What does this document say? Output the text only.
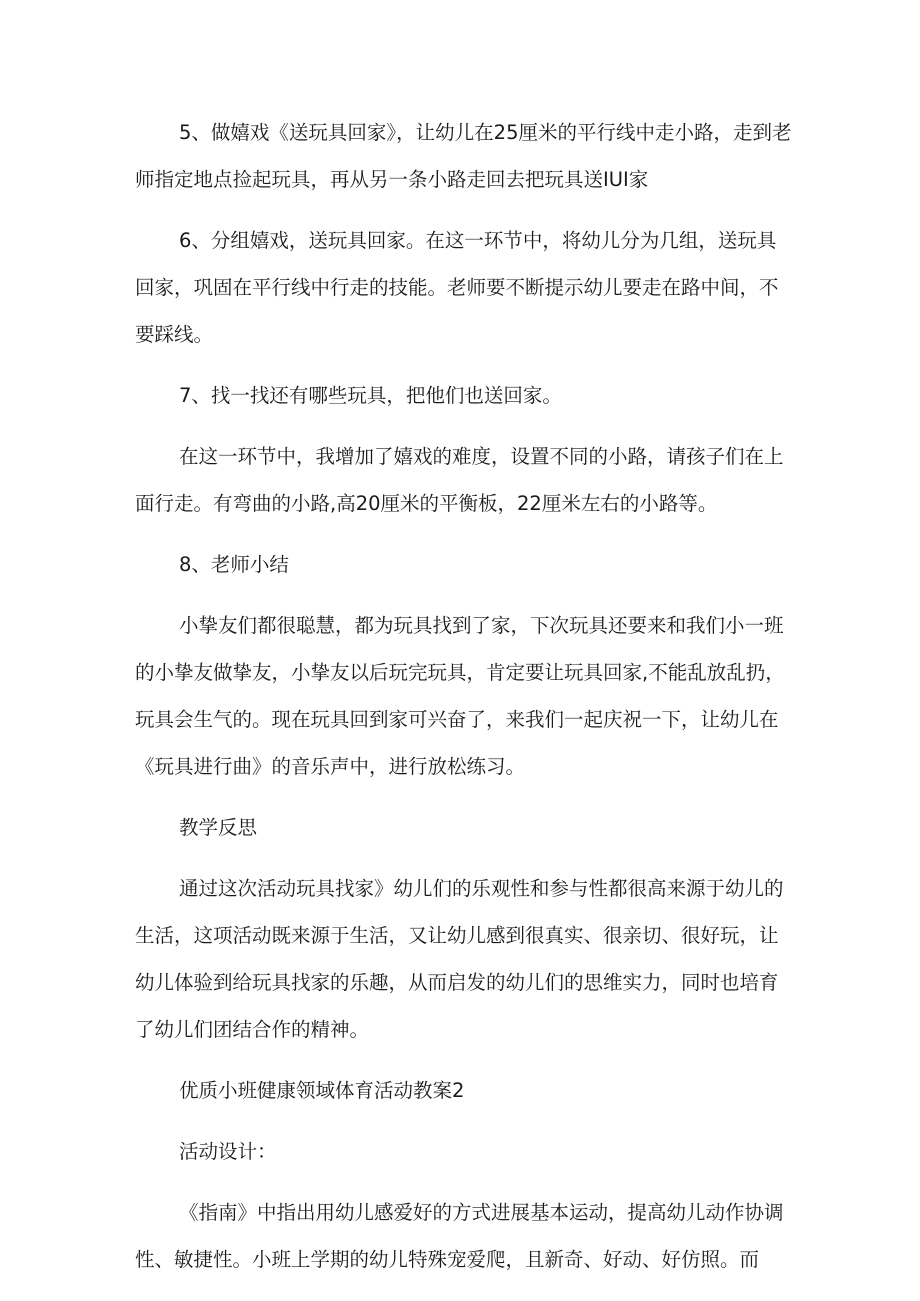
5、做嬉戏《送玩具回家》，让幼儿在25厘米的平行线中走小路，走到老师指定地点捡起玩具，再从另一条小路走回去把玩具送IUI家

6、分组嬉戏，送玩具回家。在这一环节中，将幼儿分为几组，送玩具回家，巩固在平行线中行走的技能。老师要不断提示幼儿要走在路中间，不要踩线。

7、找一找还有哪些玩具，把他们也送回家。

在这一环节中，我增加了嬉戏的难度，设置不同的小路，请孩子们在上面行走。有弯曲的小路,高20厘米的平衡板，22厘米左右的小路等。

8、老师小结

小挚友们都很聪慧，都为玩具找到了家，下次玩具还要来和我们小一班的小挚友做挚友，小挚友以后玩完玩具，肯定要让玩具回家,不能乱放乱扔，玩具会生气的。现在玩具回到家可兴奋了，来我们一起庆祝一下，让幼儿在《玩具进行曲》的音乐声中，进行放松练习。

教学反思

通过这次活动玩具找家》幼儿们的乐观性和参与性都很高来源于幼儿的生活，这项活动既来源于生活，又让幼儿感到很真实、很亲切、很好玩，让幼儿体验到给玩具找家的乐趣，从而启发的幼儿们的思维实力，同时也培育了幼儿们团结合作的精神。

优质小班健康领域体育活动教案2

活动设计：

《指南》中指出用幼儿感爱好的方式进展基本运动，提高幼儿动作协调性、敏捷性。小班上学期的幼儿特殊宠爱爬，且新奇、好动、好仿照。而
